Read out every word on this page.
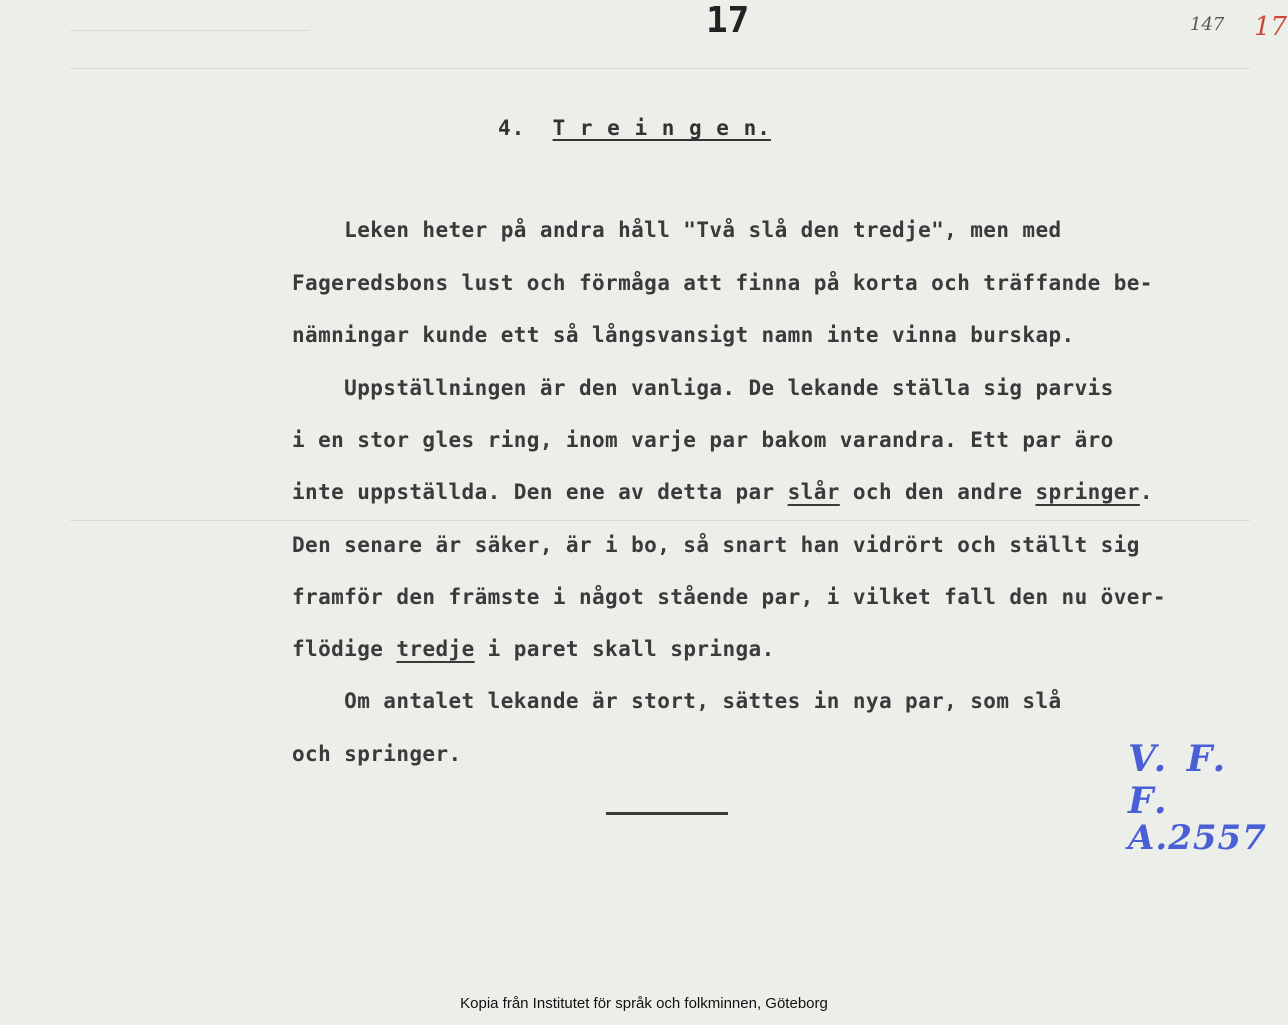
17	147 17
4. T r e i n g e n.
Leken heter på andra håll "Två slå den tredje", men med
Fageredsbons lust och förmåga att finna på korta och träffande be-
nämningar kunde ett så långsvansigt namn inte vinna burskap.
Uppställningen är den vanliga. De lekande ställa sig parvis
i en stor gles ring, inom varje par bakom varandra. Ett par äro
inte uppställda. Den ene av detta par slår och den andre springer.
Den senare är säker, är i bo, så snart han vidrört och ställt sig
framför den främste i något stående par, i vilket fall den nu över-
flödige tredje i paret skall springa.
Om antalet lekande är stort, sättes in nya par, som slå
och springer.	V. F. F.
A.2557
Kopia från Institutet för språk och folkminnen, Göteborg
